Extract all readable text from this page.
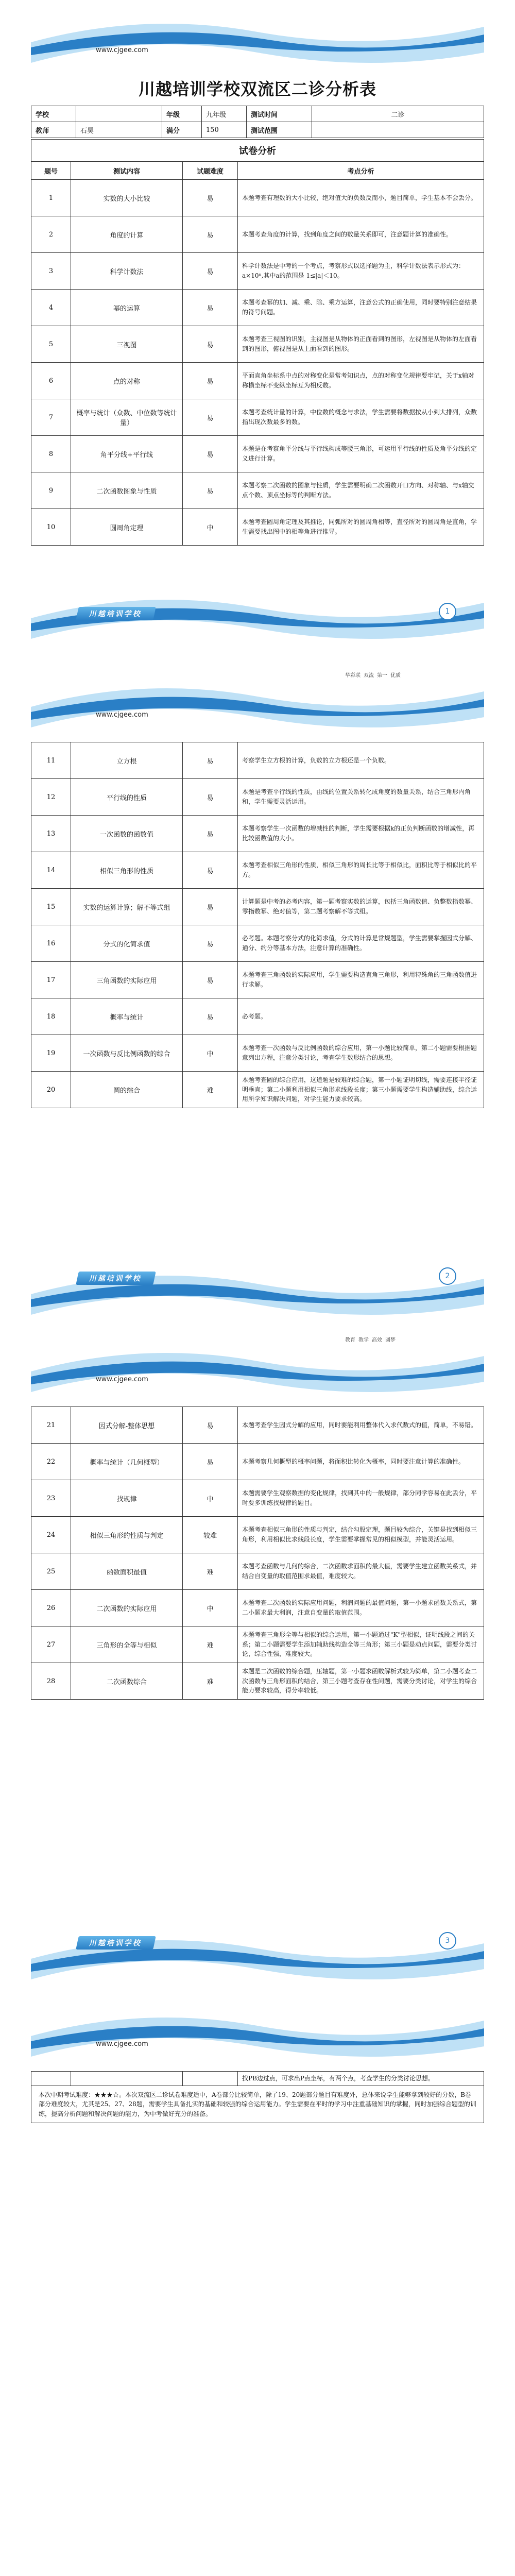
www.cjgee.com
川越培训学校双流区二诊分析表
学校		年级	九年级	测试时间	二诊
教师	石昊	满分	150	测试范围	
试卷分析			
题号	测试内容	试题难度	考点分析
1	实数的大小比较	易	本题考查有理数的大小比较，绝对值大的负数反而小，题目简单，学生基本不会丢分。
2	角度的计算	易	本题考查角度的计算，找到角度之间的数量关系即可，注意题计算的准确性。
3	科学计数法	易	科学计数法是中考的一个考点，考察形式以选择题为主，科学计数法表示形式为：a×10ⁿ,其中a的范围是 1≤|a|＜10。
4	幂的运算	易	本题考查幂的加、减、乘、除、乘方运算，注意公式的正确使用，同时要特别注意结果的符号问题。
5	三视图	易	本题考查三视图的识别，主视图是从物体的正面看到的图形，左视图是从物体的左面看到的图形，俯视图是从上面看到的图形。
6	点的对称	易	平面直角坐标系中点的对称变化是常考知识点，点的对称变化规律要牢记，关于x轴对称横坐标不变纵坐标互为相反数。
7	概率与统计（众数、中位数等统计量）	易	本题考查统计量的计算，中位数的概念与求法，学生需要将数据按从小到大排列，众数指出现次数最多的数。
8	角平分线+平行线	易	本题是在考察角平分线与平行线构成等腰三角形，可运用平行线的性质及角平分线的定义进行计算。
9	二次函数图象与性质	易	本题考察二次函数的图象与性质，学生需要明确二次函数开口方向、对称轴、与x轴交点个数、顶点坐标等的判断方法。
10	圆周角定理	中	本题考查圆周角定理及其推论，同弧所对的圆周角相等，直径所对的圆周角是直角，学生需要找出图中的相等角进行推导。
川越培训学校	1
华彩联 双流 第一 优质
www.cjgee.com
11	立方根	易	考察学生立方根的计算，负数的立方根还是一个负数。
12	平行线的性质	易	本题是考查平行线的性质，由线的位置关系转化成角度的数量关系，结合三角形内角和，学生需要灵活运用。
13	一次函数的函数值	易	本题考察学生一次函数的增减性的判断，学生需要根据k的正负判断函数的增减性，再比较函数值的大小。
14	相似三角形的性质	易	本题考查相似三角形的性质，相似三角形的周长比等于相似比，面积比等于相似比的平方。
15	实数的运算计算；解不等式组	易	计算题是中考的必考内容，第一题考察实数的运算，包括三角函数值、负整数指数幂、零指数幂、绝对值等，第二题考察解不等式组。
16	分式的化简求值	易	必考题。本题考察分式的化简求值，分式的计算是常规题型，学生需要掌握因式分解、通分、约分等基本方法，注意计算的准确性。
17	三角函数的实际应用	易	本题考查三角函数的实际应用，学生需要构造直角三角形，利用特殊角的三角函数值进行求解。
18	概率与统计	易	必考题。
19	一次函数与反比例函数的综合	中	本题考查一次函数与反比例函数的综合应用，第一小题比较简单，第二小题需要根据题意列出方程，注意分类讨论，考查学生数形结合的思想。
20	圆的综合	难	本题考查圆的综合应用，这道题是较难的综合题，第一小题证明切线，需要连接半径证明垂直；第二小题利用相似三角形求线段长度；第三小题需要学生构造辅助线，综合运用所学知识解决问题，对学生能力要求较高。
川越培训学校	2
教育 教学 高效 圆梦
www.cjgee.com
21	因式分解-整体思想	易	本题考查学生因式分解的应用，同时要能利用整体代入求代数式的值，简单，不易错。
22	概率与统计（几何概型）	易	本题考察几何概型的概率问题，将面积比转化为概率，同时要注意计算的准确性。
23	找规律	中	本题需要学生观察数据的变化规律，找到其中的一般规律，部分同学容易在此丢分，平时要多训练找规律的题目。
24	相似三角形的性质与判定	较难	本题考查相似三角形的性质与判定，结合勾股定理，题目较为综合，关键是找到相似三角形，利用相似比求线段长度，学生需要掌握常见的相似模型，并能灵活运用。
25	函数面积最值	难	本题考查函数与几何的综合，二次函数求面积的最大值，需要学生建立函数关系式，并结合自变量的取值范围求最值，难度较大。
26	二次函数的实际应用	中	本题考查二次函数的实际应用问题，利润问题的最值问题，第一小题求函数关系式，第二小题求最大利润，注意自变量的取值范围。
27	三角形的全等与相似	难	本题考查三角形全等与相似的综合运用，第一小题通过"K"型相似，证明线段之间的关系；第二小题需要学生添加辅助线构造全等三角形；第三小题是动点问题，需要分类讨论，综合性强，难度较大。
28	二次函数综合	难	本题是二次函数的综合题，压轴题，第一小题求函数解析式较为简单，第二小题考查二次函数与三角形面积的结合，第三小题考查存在性问题，需要分类讨论，对学生的综合能力要求较高，得分率较低。
川越培训学校	3
www.cjgee.com
			找PB边过点，可求出P点坐标，有两个点，考查学生的分类讨论思想。
本次中期考试难度：★★★☆。本次双流区二诊试卷难度适中，A卷部分比较简单，除了19、20题部分题目有难度外，总体来说学生能够拿到较好的分数，B卷部分难度较大，尤其是25、27、28题，需要学生具备扎实的基础和较强的综合运用能力。学生需要在平时的学习中注重基础知识的掌握，同时加强综合题型的训练，提高分析问题和解决问题的能力，为中考做好充分的准备。
